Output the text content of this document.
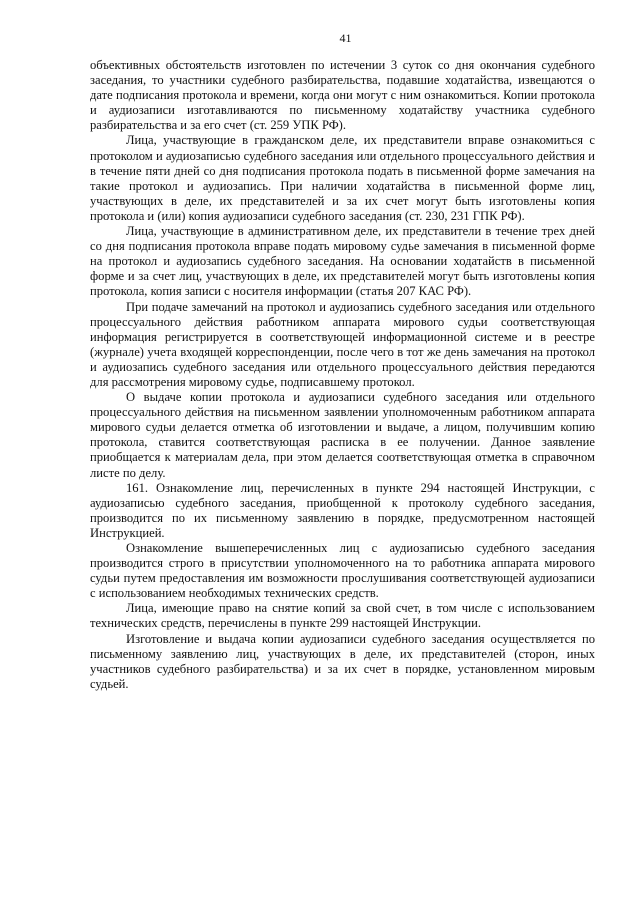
41

объективных обстоятельств изготовлен по истечении 3 суток со дня окончания судебного заседания, то участники судебного разбирательства, подавшие ходатайства, извещаются о дате подписания протокола и времени, когда они могут с ним ознакомиться. Копии протокола и аудиозаписи изготавливаются по письменному ходатайству участника судебного разбирательства и за его счет (ст. 259 УПК РФ).

Лица, участвующие в гражданском деле, их представители вправе ознакомиться с протоколом и аудиозаписью судебного заседания или отдельного процессуального действия и в течение пяти дней со дня подписания протокола подать в письменной форме замечания на такие протокол и аудиозапись. При наличии ходатайства в письменной форме лиц, участвующих в деле, их представителей и за их счет могут быть изготовлены копия протокола и (или) копия аудиозаписи судебного заседания (ст. 230, 231 ГПК РФ).

Лица, участвующие в административном деле, их представители в течение трех дней со дня подписания протокола вправе подать мировому судье замечания в письменной форме на протокол и аудиозапись судебного заседания. На основании ходатайств в письменной форме и за счет лиц, участвующих в деле, их представителей могут быть изготовлены копия протокола, копия записи с носителя информации (статья 207 КАС РФ).

При подаче замечаний на протокол и аудиозапись судебного заседания или отдельного процессуального действия работником аппарата мирового судьи соответствующая информация регистрируется в соответствующей информационной системе и в реестре (журнале) учета входящей корреспонденции, после чего в тот же день замечания на протокол и аудиозапись судебного заседания или отдельного процессуального действия передаются для рассмотрения мировому судье, подписавшему протокол.

О выдаче копии протокола и аудиозаписи судебного заседания или отдельного процессуального действия на письменном заявлении уполномоченным работником аппарата мирового судьи делается отметка об изготовлении и выдаче, а лицом, получившим копию протокола, ставится соответствующая расписка в ее получении. Данное заявление приобщается к материалам дела, при этом делается соответствующая отметка в справочном листе по делу.

161. Ознакомление лиц, перечисленных в пункте 294 настоящей Инструкции, с аудиозаписью судебного заседания, приобщенной к протоколу судебного заседания, производится по их письменному заявлению в порядке, предусмотренном настоящей Инструкцией.

Ознакомление вышеперечисленных лиц с аудиозаписью судебного заседания производится строго в присутствии уполномоченного на то работника аппарата мирового судьи путем предоставления им возможности прослушивания соответствующей аудиозаписи с использованием необходимых технических средств.

Лица, имеющие право на снятие копий за свой счет, в том числе с использованием технических средств, перечислены в пункте 299 настоящей Инструкции.

Изготовление и выдача копии аудиозаписи судебного заседания осуществляется по письменному заявлению лиц, участвующих в деле, их представителей (сторон, иных участников судебного разбирательства) и за их счет в порядке, установленном мировым судьей.
